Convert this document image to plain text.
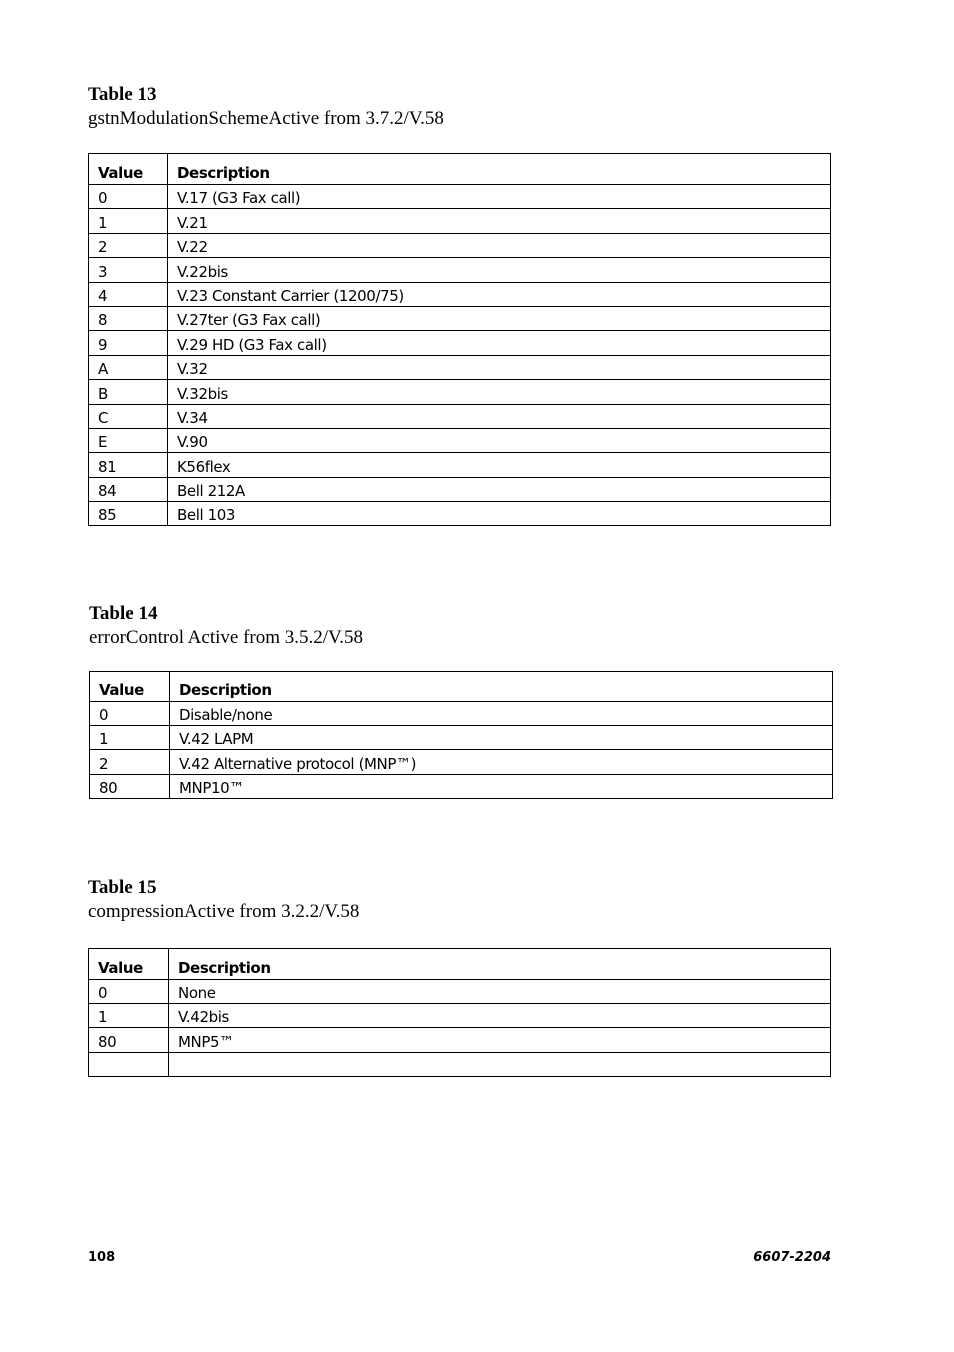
Table 13
gstnModulationSchemeActive from 3.7.2/V.58
Value	Description
0	V.17 (G3 Fax call)
1	V.21
2	V.22
3	V.22bis
4	V.23 Constant Carrier (1200/75)
8	V.27ter (G3 Fax call)
9	V.29 HD (G3 Fax call)
A	V.32
B	V.32bis
C	V.34
E	V.90
81	K56flex
84	Bell 212A
85	Bell 103
Table 14
errorControl Active from 3.5.2/V.58
Value	Description
0	Disable/none
1	V.42 LAPM
2	V.42 Alternative protocol (MNP™)
80	MNP10™
Table 15
compressionActive from 3.2.2/V.58
Value	Description
0	None
1	V.42bis
80	MNP5™

108	6607-2204
